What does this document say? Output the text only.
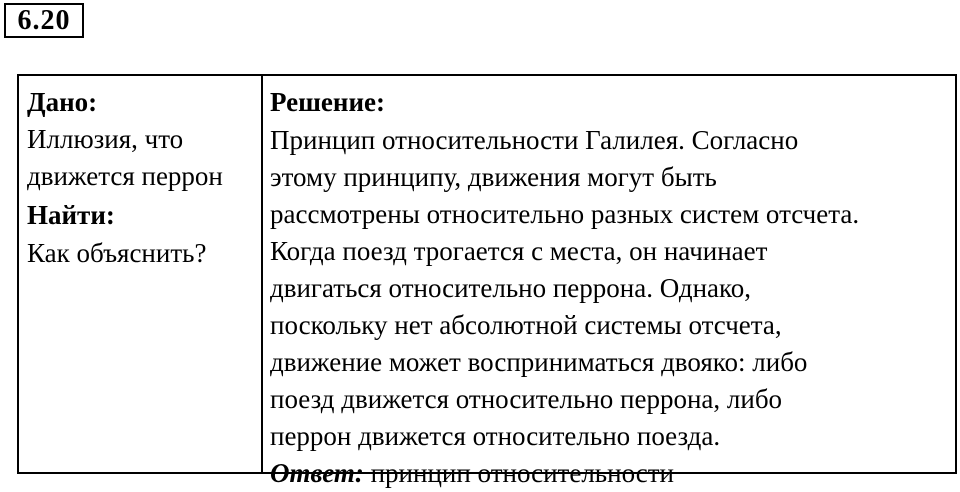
6.20

Дано:

Иллюзия, что движется перрон

Найти:

Как объяснить?

Решение:

Принцип относительности Галилея. Согласно

этому принципу, движения могут быть

рассмотрены относительно разных систем отсчета.

Когда поезд трогается с места, он начинает

двигаться относительно перрона. Однако,

поскольку нет абсолютной системы отсчета,

движение может восприниматься двояко: либо

поезд движется относительно перрона, либо

перрон движется относительно поезда.

Ответ: принцип относительности
